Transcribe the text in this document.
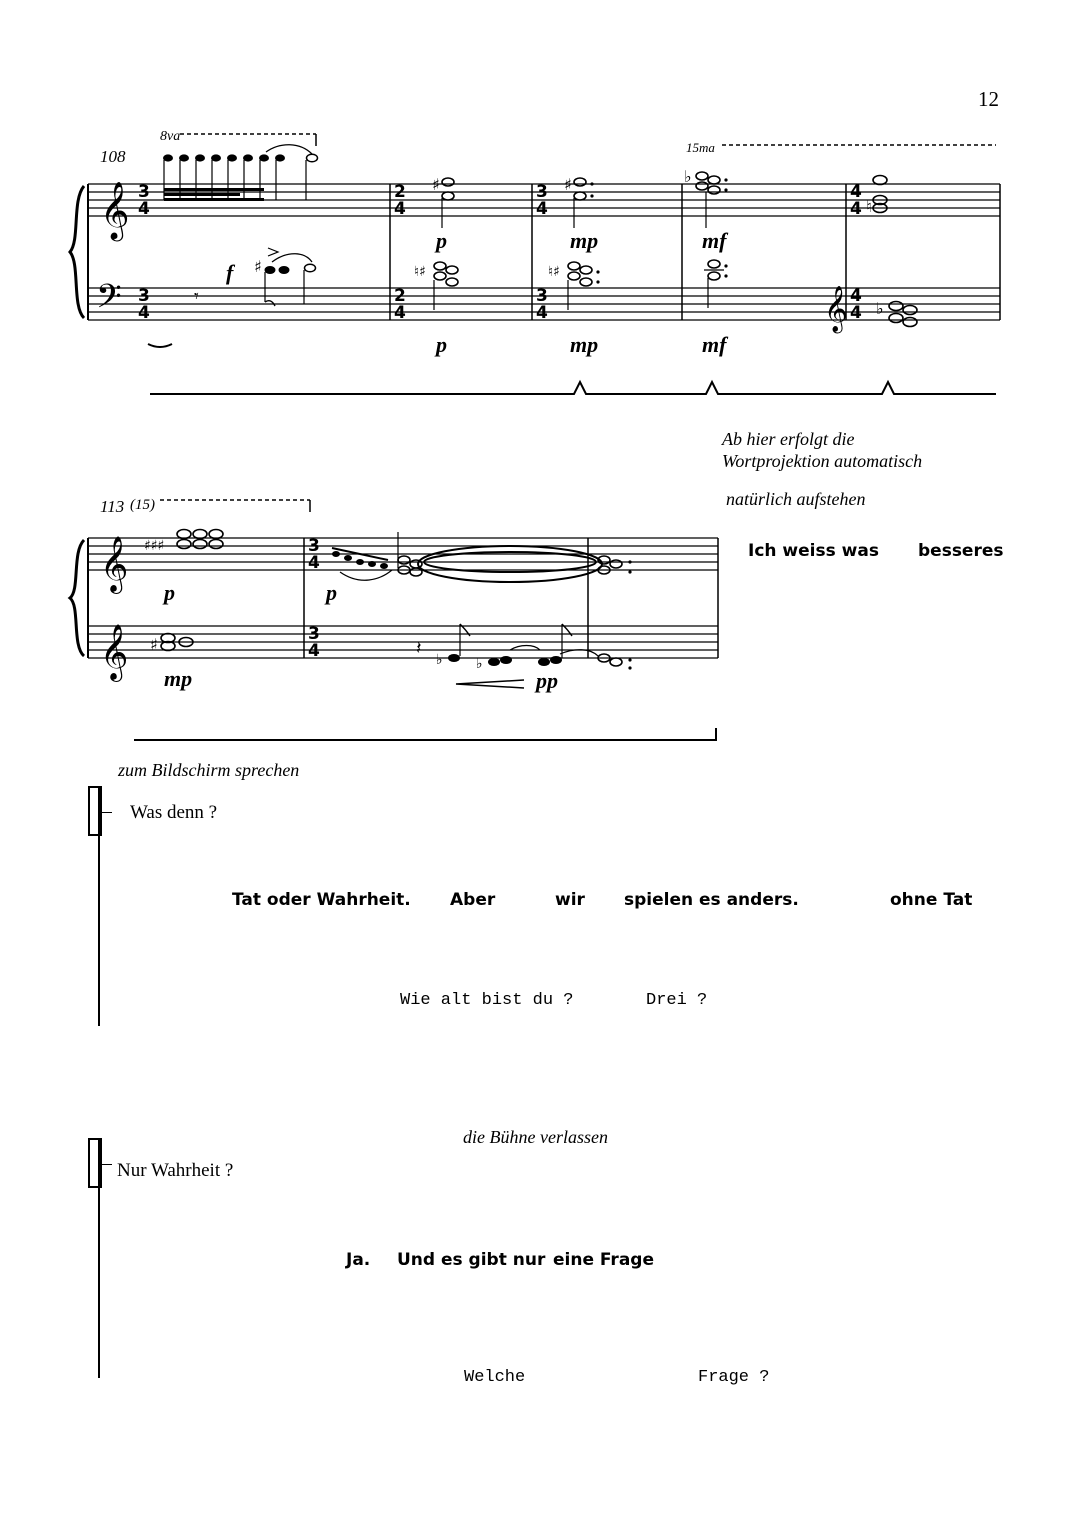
12
𝄞
𝄢
3
4
3
4
2
4
2
4
3
4
3
4
4
4
4
4
𝄞
𝄾
♯
♯
♮♯
♯
♮♯
♭
♮
♭
108
8va
15ma
p	mp	mf
f
p	mp	mf
Ab hier erfolgt die
Wortprojektion automatisch
natürlich aufstehen
𝄞
𝄞
3
4
3
4
♯♯♯
♯	𝄽
♭ ♭
113 (15)
p	p
mp	pp
Ich weiss was besseres
zum Bildschirm sprechen
Was denn ?
Tat oder Wahrheit. Aber	wir spielen es anders.	ohne Tat
Wie alt bist du ?	Drei ?
die Bühne verlassen
Nur Wahrheit ?
Ja. Und es gibt nur eine Frage
Welche	Frage ?
